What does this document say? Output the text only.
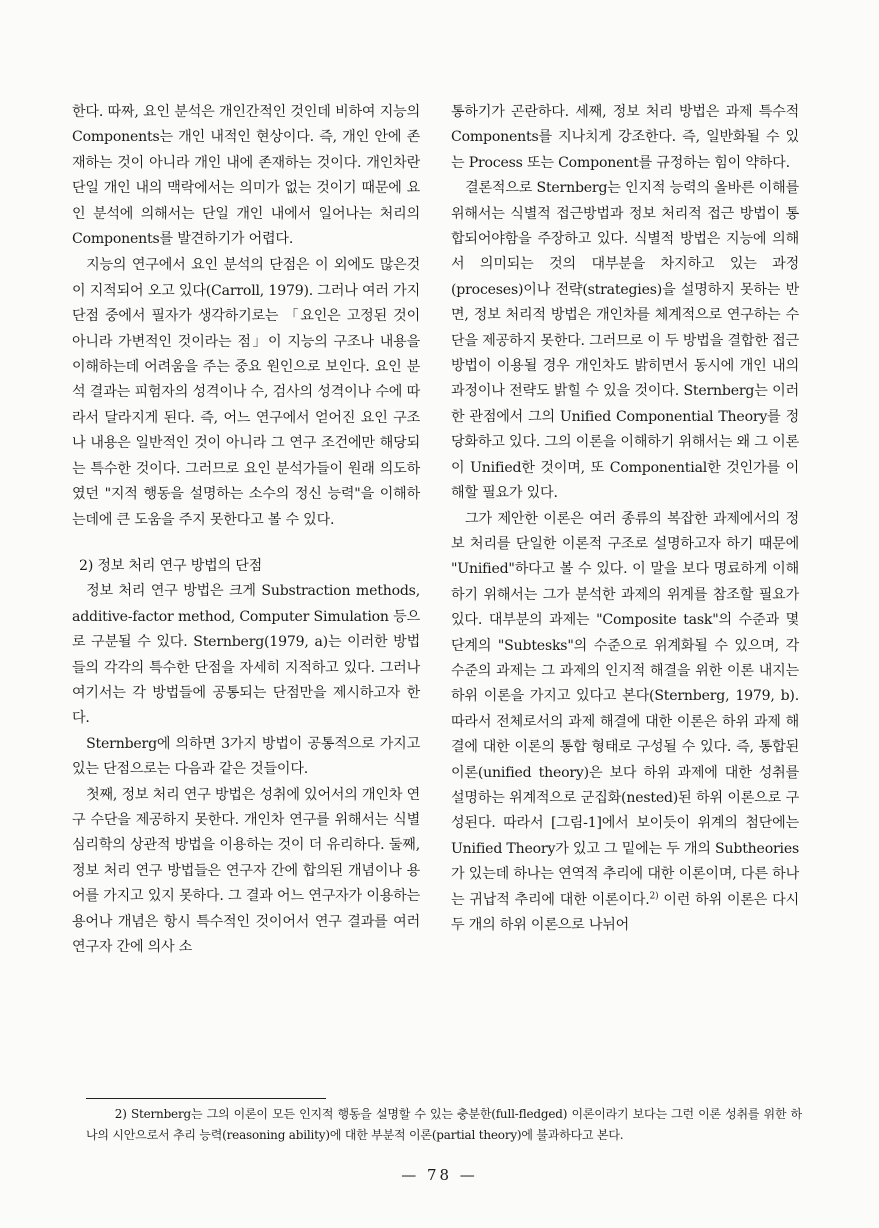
한다. 따짜, 요인 분석은 개인간적인 것인데 비하여 지능의 Components는 개인 내적인 현상이다. 즉, 개인 안에 존재하는 것이 아니라 개인 내에 존재하는 것이다. 개인차란 단일 개인 내의 맥락에서는 의미가 없는 것이기 때문에 요인 분석에 의해서는 단일 개인 내에서 일어나는 처리의 Components를 발견하기가 어렵다.

지능의 연구에서 요인 분석의 단점은 이 외에도 많은것이 지적되어 오고 있다(Carroll, 1979). 그러나 여러 가지 단점 중에서 필자가 생각하기로는 「요인은 고정된 것이 아니라 가변적인 것이라는 점」이 지능의 구조나 내용을 이해하는데 어려움을 주는 중요 원인으로 보인다. 요인 분석 결과는 피험자의 성격이나 수, 검사의 성격이나 수에 따라서 달라지게 된다. 즉, 어느 연구에서 얻어진 요인 구조나 내용은 일반적인 것이 아니라 그 연구 조건에만 해당되는 특수한 것이다. 그러므로 요인 분석가들이 원래 의도하였던 "지적 행동을 설명하는 소수의 정신 능력"을 이해하는데에 큰 도움을 주지 못한다고 볼 수 있다.

2) 정보 처리 연구 방법의 단점

정보 처리 연구 방법은 크게 Substraction methods, additive-factor method, Computer Simulation 등으로 구분될 수 있다. Sternberg(1979, a)는 이러한 방법들의 각각의 특수한 단점을 자세히 지적하고 있다. 그러나 여기서는 각 방법들에 공통되는 단점만을 제시하고자 한다.

Sternberg에 의하면 3가지 방법이 공통적으로 가지고 있는 단점으로는 다음과 같은 것들이다.

첫째, 정보 처리 연구 방법은 성취에 있어서의 개인차 연구 수단을 제공하지 못한다. 개인차 연구를 위해서는 식별심리학의 상관적 방법을 이용하는 것이 더 유리하다. 둘째, 정보 처리 연구 방법들은 연구자 간에 합의된 개념이나 용어를 가지고 있지 못하다. 그 결과 어느 연구자가 이용하는 용어나 개념은 항시 특수적인 것이어서 연구 결과를 여러 연구자 간에 의사 소

통하기가 곤란하다. 세째, 정보 처리 방법은 과제 특수적 Components를 지나치게 강조한다. 즉, 일반화될 수 있는 Process 또는 Component를 규정하는 힘이 약하다.

결론적으로 Sternberg는 인지적 능력의 올바른 이해를 위해서는 식별적 접근방법과 정보 처리적 접근 방법이 통합되어야함을 주장하고 있다. 식별적 방법은 지능에 의해서 의미되는 것의 대부분을 차지하고 있는 과정(proceses)이나 전략(strategies)을 설명하지 못하는 반면, 정보 처리적 방법은 개인차를 체계적으로 연구하는 수단을 제공하지 못한다. 그러므로 이 두 방법을 결합한 접근 방법이 이용될 경우 개인차도 밝히면서 동시에 개인 내의 과정이나 전략도 밝힐 수 있을 것이다. Sternberg는 이러한 관점에서 그의 Unified Componential Theory를 정당화하고 있다. 그의 이론을 이해하기 위해서는 왜 그 이론이 Unified한 것이며, 또 Componential한 것인가를 이해할 필요가 있다.

그가 제안한 이론은 여러 종류의 복잡한 과제에서의 정보 처리를 단일한 이론적 구조로 설명하고자 하기 때문에 "Unified"하다고 볼 수 있다. 이 말을 보다 명료하게 이해하기 위해서는 그가 분석한 과제의 위계를 참조할 필요가 있다. 대부분의 과제는 "Composite task"의 수준과 몇 단계의 "Subtesks"의 수준으로 위계화될 수 있으며, 각 수준의 과제는 그 과제의 인지적 해결을 위한 이론 내지는 하위 이론을 가지고 있다고 본다(Sternberg, 1979, b). 따라서 전체로서의 과제 해결에 대한 이론은 하위 과제 해결에 대한 이론의 통합 형태로 구성될 수 있다. 즉, 통합된 이론(unified theory)은 보다 하위 과제에 대한 성취를 설명하는 위계적으로 군집화(nested)된 하위 이론으로 구성된다. 따라서 [그림-1]에서 보이듯이 위계의 첨단에는 Unified Theory가 있고 그 밑에는 두 개의 Subtheories가 있는데 하나는 연역적 추리에 대한 이론이며, 다른 하나는 귀납적 추리에 대한 이론이다.$^{2)}$ 이런 하위 이론은 다시 두 개의 하위 이론으로 나뉘어

2) Sternberg는 그의 이론이 모든 인지적 행동을 설명할 수 있는 충분한(full-fledged) 이론이라기 보다는 그런 이론 성취를 위한 하나의 시안으로서 추리 능력(reasoning ability)에 대한 부분적 이론(partial theory)에 불과하다고 본다.
— 78 —
